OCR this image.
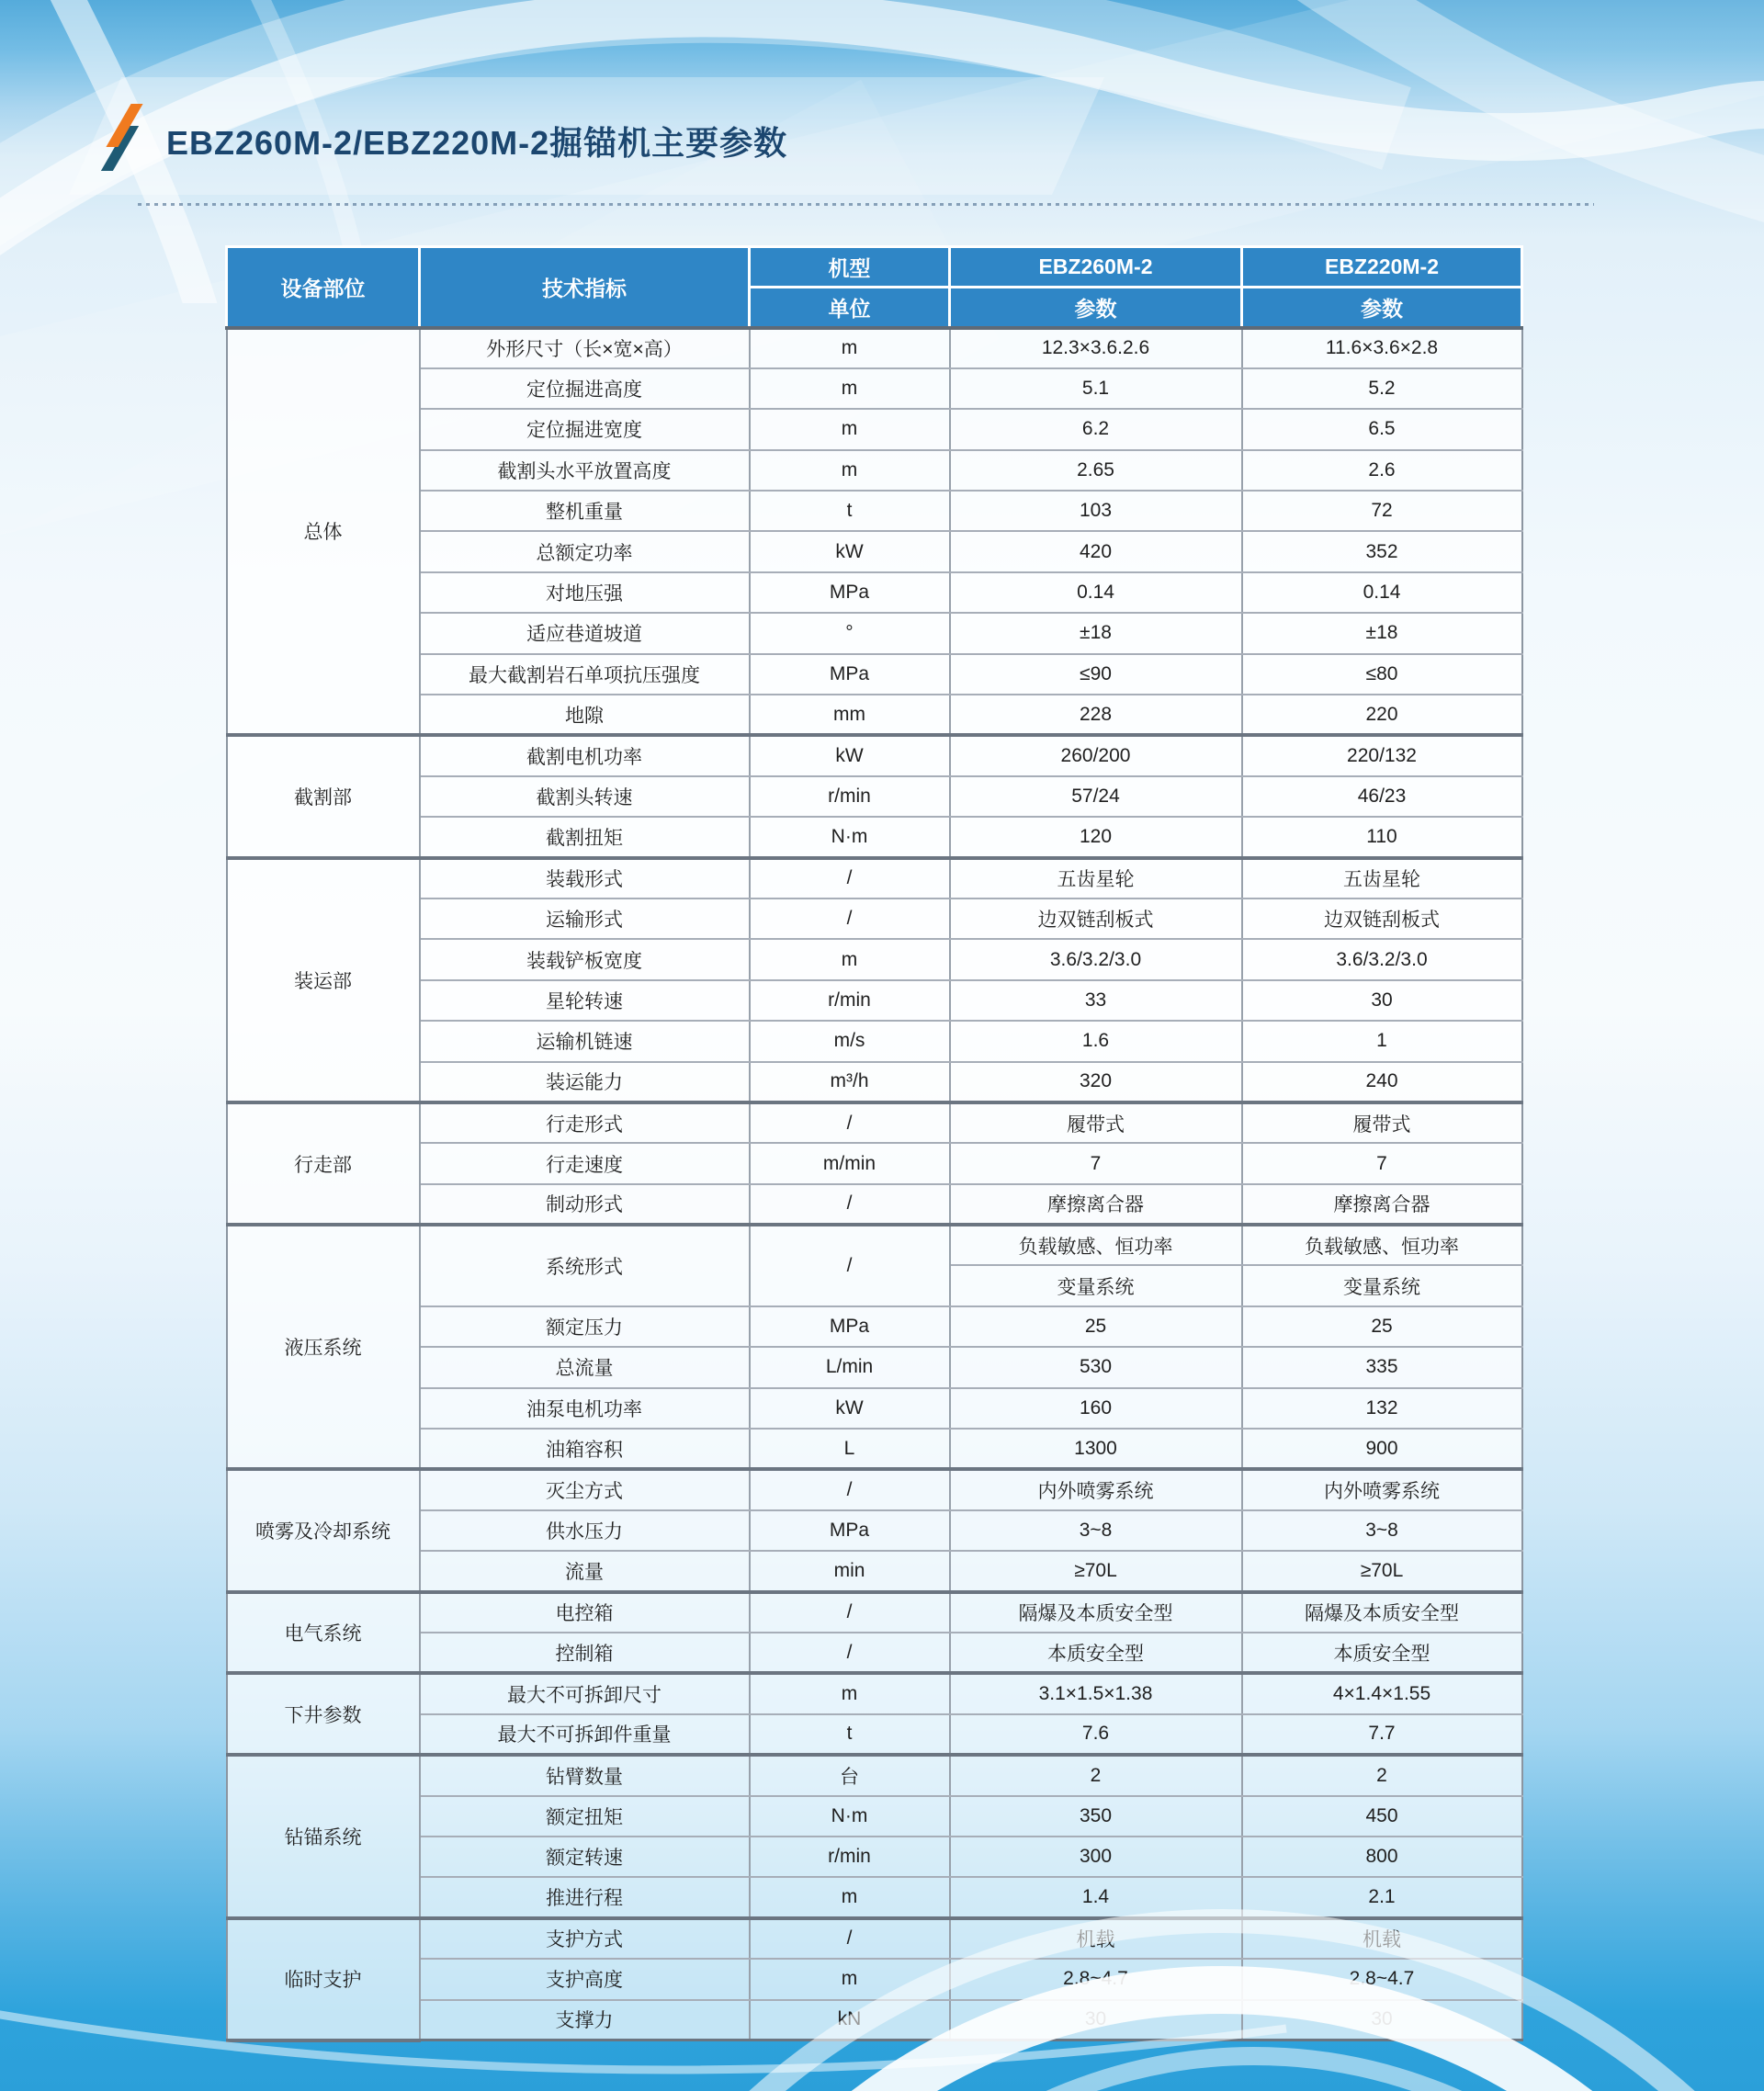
EBZ260M-2/EBZ220M-2掘锚机主要参数
设备部位	技术指标	机型	EBZ260M-2	EBZ220M-2
		单位	参数	参数
总体	外形尺寸（长×宽×高）	m	12.3×3.6.2.6	11.6×3.6×2.8
	定位掘进高度	m	5.1	5.2
	定位掘进宽度	m	6.2	6.5
	截割头水平放置高度	m	2.65	2.6
	整机重量	t	103	72
	总额定功率	kW	420	352
	对地压强	MPa	0.14	0.14
	适应巷道坡道	°	±18	±18
	最大截割岩石单项抗压强度	MPa	≤90	≤80
	地隙	mm	228	220
截割部	截割电机功率	kW	260/200	220/132
	截割头转速	r/min	57/24	46/23
	截割扭矩	N·m	120	110
装运部	装载形式	/	五齿星轮	五齿星轮
	运输形式	/	边双链刮板式	边双链刮板式
	装载铲板宽度	m	3.6/3.2/3.0	3.6/3.2/3.0
	星轮转速	r/min	33	30
	运输机链速	m/s	1.6	1
	装运能力	m³/h	320	240
行走部	行走形式	/	履带式	履带式
	行走速度	m/min	7	7
	制动形式	/	摩擦离合器	摩擦离合器
液压系统	系统形式	/	负载敏感、恒功率	负载敏感、恒功率
			变量系统	变量系统
	额定压力	MPa	25	25
	总流量	L/min	530	335
	油泵电机功率	kW	160	132
	油箱容积	L	1300	900
喷雾及冷却系统	灭尘方式	/	内外喷雾系统	内外喷雾系统
	供水压力	MPa	3~8	3~8
	流量	min	≥70L	≥70L
电气系统	电控箱	/	隔爆及本质安全型	隔爆及本质安全型
	控制箱	/	本质安全型	本质安全型
下井参数	最大不可拆卸尺寸	m	3.1×1.5×1.38	4×1.4×1.55
	最大不可拆卸件重量	t	7.6	7.7
钻锚系统	钻臂数量	台	2	2
	额定扭矩	N·m	350	450
	额定转速	r/min	300	800
	推进行程	m	1.4	2.1
临时支护	支护方式	/	机载	机载
	支护高度	m	2.8~4.7	2.8~4.7
	支撑力	kN	30	30
